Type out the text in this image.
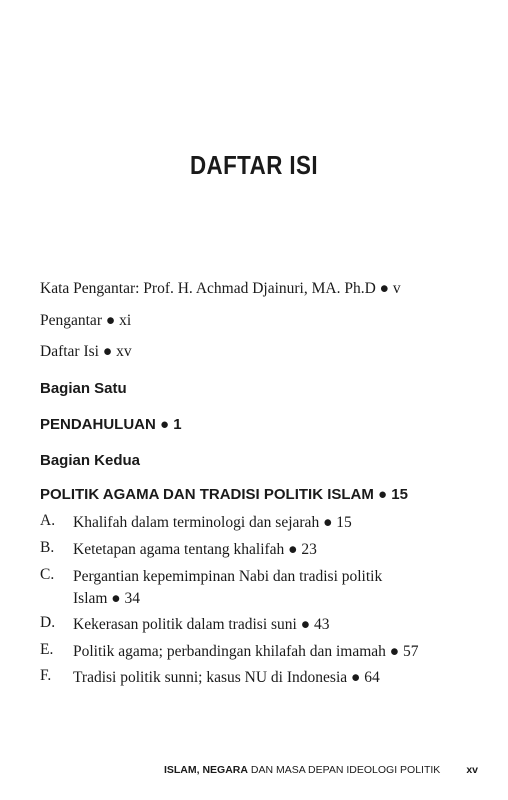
DAFTAR ISI
Kata Pengantar: Prof. H. Achmad Djainuri, MA. Ph.D ● v
Pengantar ● xi
Daftar Isi ● xv
Bagian Satu
PENDAHULUAN ● 1
Bagian Kedua
POLITIK AGAMA DAN TRADISI POLITIK ISLAM ● 15
A. Khalifah dalam terminologi dan sejarah ● 15
B. Ketetapan agama tentang khalifah ● 23
C. Pergantian kepemimpinan Nabi dan tradisi politik Islam ● 34
D. Kekerasan politik dalam tradisi suni ● 43
E. Politik agama; perbandingan khilafah dan imamah ● 57
F. Tradisi politik sunni; kasus NU di Indonesia ● 64
ISLAM, NEGARA DAN MASA DEPAN IDEOLOGI POLITIK xv
